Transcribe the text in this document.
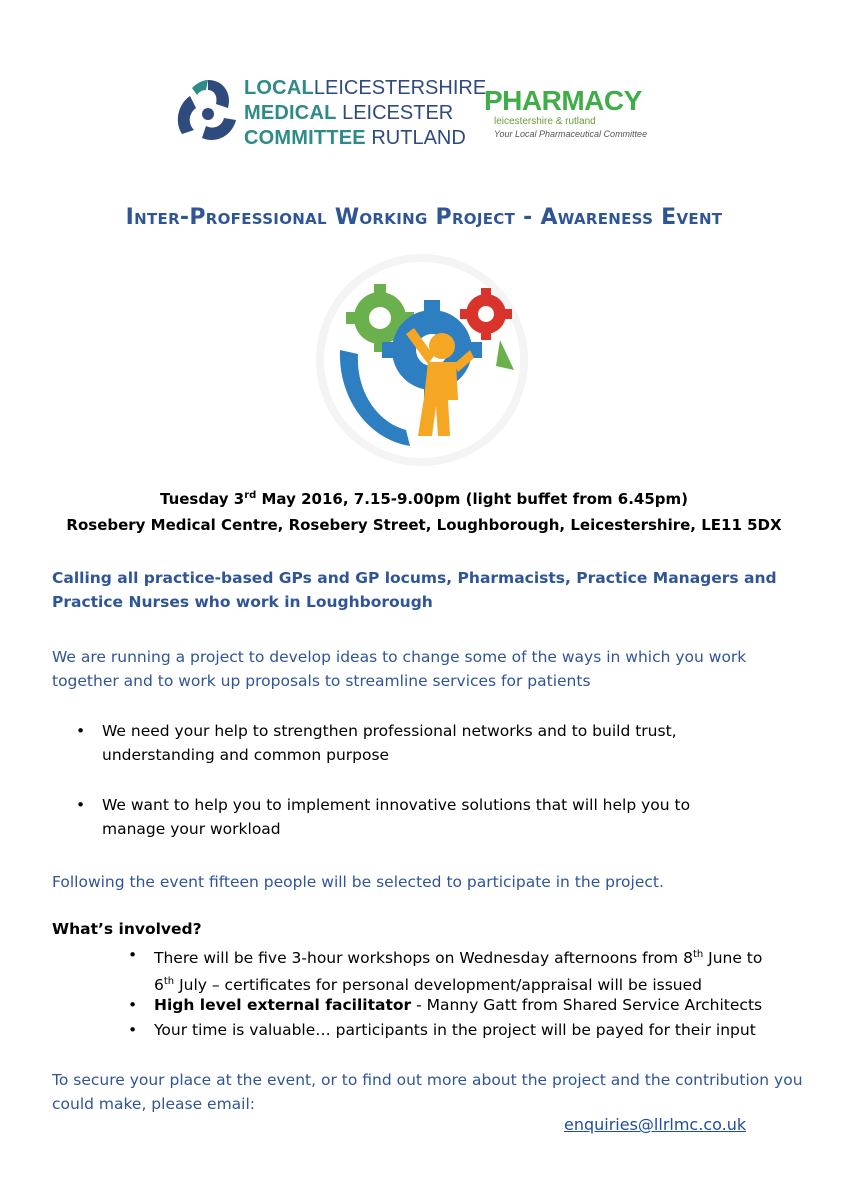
LOCALLEICESTERSHIRE
MEDICAL LEICESTER
COMMITTEE RUTLAND
PHARMACY
leicestershire & rutland
Your Local Pharmaceutical Committee
Inter-Professional Working Project - Awareness Event
Tuesday 3rd May 2016, 7.15-9.00pm (light buffet from 6.45pm)
Rosebery Medical Centre, Rosebery Street, Loughborough, Leicestershire, LE11 5DX
Calling all practice-based GPs and GP locums, Pharmacists, Practice Managers and Practice Nurses who work in Loughborough
We are running a project to develop ideas to change some of the ways in which you work together and to work up proposals to streamline services for patients
•	We need your help to strengthen professional networks and to build trust, understanding and common purpose
•	We want to help you to implement innovative solutions that will help you to manage your workload
Following the event fifteen people will be selected to participate in the project.
What’s involved?
•	There will be five 3-hour workshops on Wednesday afternoons from 8th June to
6th July – certificates for personal development/appraisal will be issued
•	High level external facilitator - Manny Gatt from Shared Service Architects
•	Your time is valuable… participants in the project will be payed for their input
To secure your place at the event, or to find out more about the project and the contribution you could make, please email:
enquiries@llrlmc.co.uk
